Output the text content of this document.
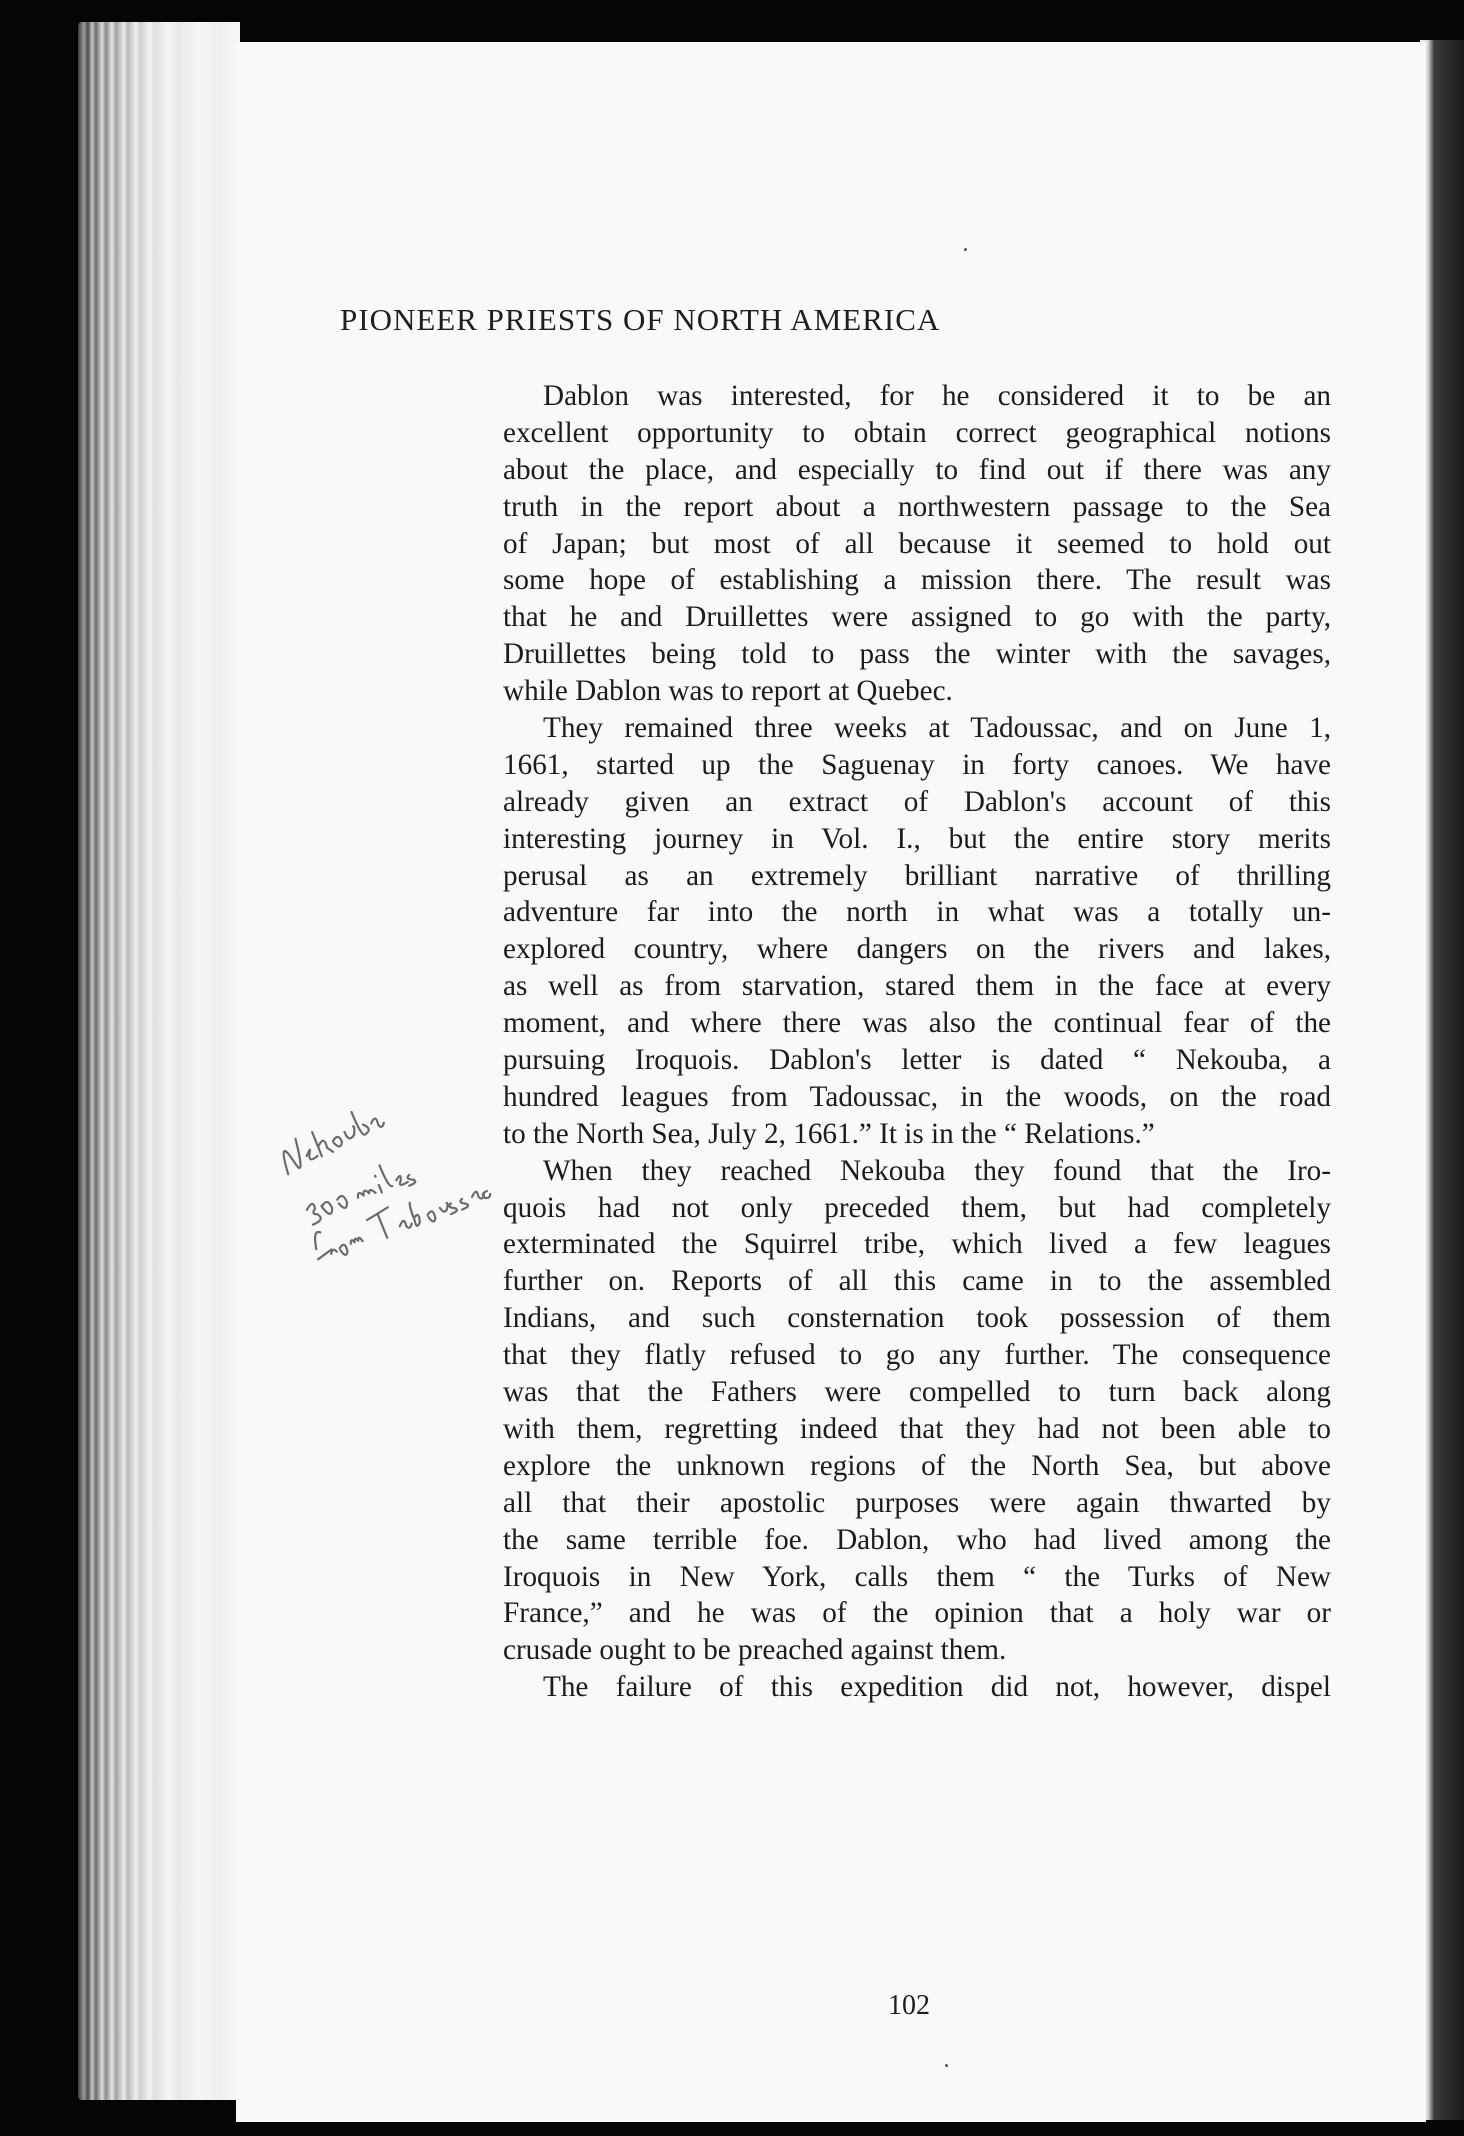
PIONEER PRIESTS OF NORTH AMERICA
Dablon was interested, for he considered it to be an
excellent opportunity to obtain correct geographical notions
about the place, and especially to find out if there was any
truth in the report about a northwestern passage to the Sea
of Japan; but most of all because it seemed to hold out
some hope of establishing a mission there. The result was
that he and Druillettes were assigned to go with the party,
Druillettes being told to pass the winter with the savages,
while Dablon was to report at Quebec.
They remained three weeks at Tadoussac, and on June 1,
1661, started up the Saguenay in forty canoes. We have
already given an extract of Dablon's account of this
interesting journey in Vol. I., but the entire story merits
perusal as an extremely brilliant narrative of thrilling
adventure far into the north in what was a totally un-
explored country, where dangers on the rivers and lakes,
as well as from starvation, stared them in the face at every
moment, and where there was also the continual fear of the
pursuing Iroquois. Dablon's letter is dated “ Nekouba, a
hundred leagues from Tadoussac, in the woods, on the road
to the North Sea, July 2, 1661.” It is in the “ Relations.”
When they reached Nekouba they found that the Iro-
quois had not only preceded them, but had completely
exterminated the Squirrel tribe, which lived a few leagues
further on. Reports of all this came in to the assembled
Indians, and such consternation took possession of them
that they flatly refused to go any further. The consequence
was that the Fathers were compelled to turn back along
with them, regretting indeed that they had not been able to
explore the unknown regions of the North Sea, but above
all that their apostolic purposes were again thwarted by
the same terrible foe. Dablon, who had lived among the
Iroquois in New York, calls them “ the Turks of New
France,” and he was of the opinion that a holy war or
crusade ought to be preached against them.
The failure of this expedition did not, however, dispel
102
